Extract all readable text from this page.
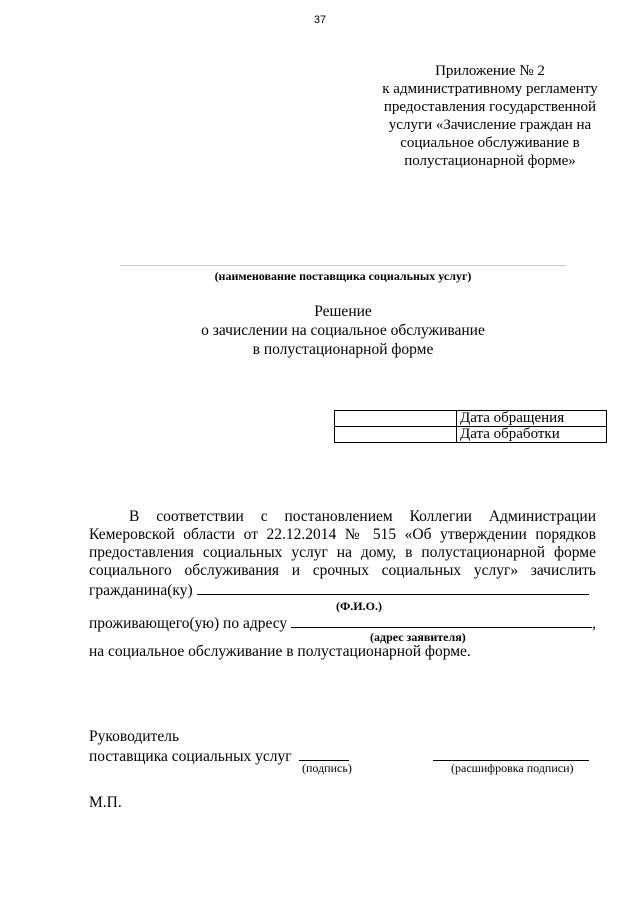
37
Приложение № 2
к административному регламенту
предоставления государственной
услуги «Зачисление граждан на
социальное обслуживание в
полустационарной форме»
(наименование поставщика социальных услуг)
Решение
о зачислении на социальное обслуживание
в полустационарной форме
	Дата обращения
	Дата обработки
В соответствии с постановлением Коллегии Администрации
Кемеровской области от 22.12.2014 № 515 «Об утверждении порядков
предоставления социальных услуг на дому, в полустационарной форме
социального обслуживания и срочных социальных услуг» зачислить
гражданина(ку)
(Ф.И.О.)
проживающего(ую) по адресу	,
(адрес заявителя)
на социальное обслуживание в полустационарной форме.
Руководитель
поставщика социальных услуг
(подпись)	(расшифровка подписи)
М.П.
